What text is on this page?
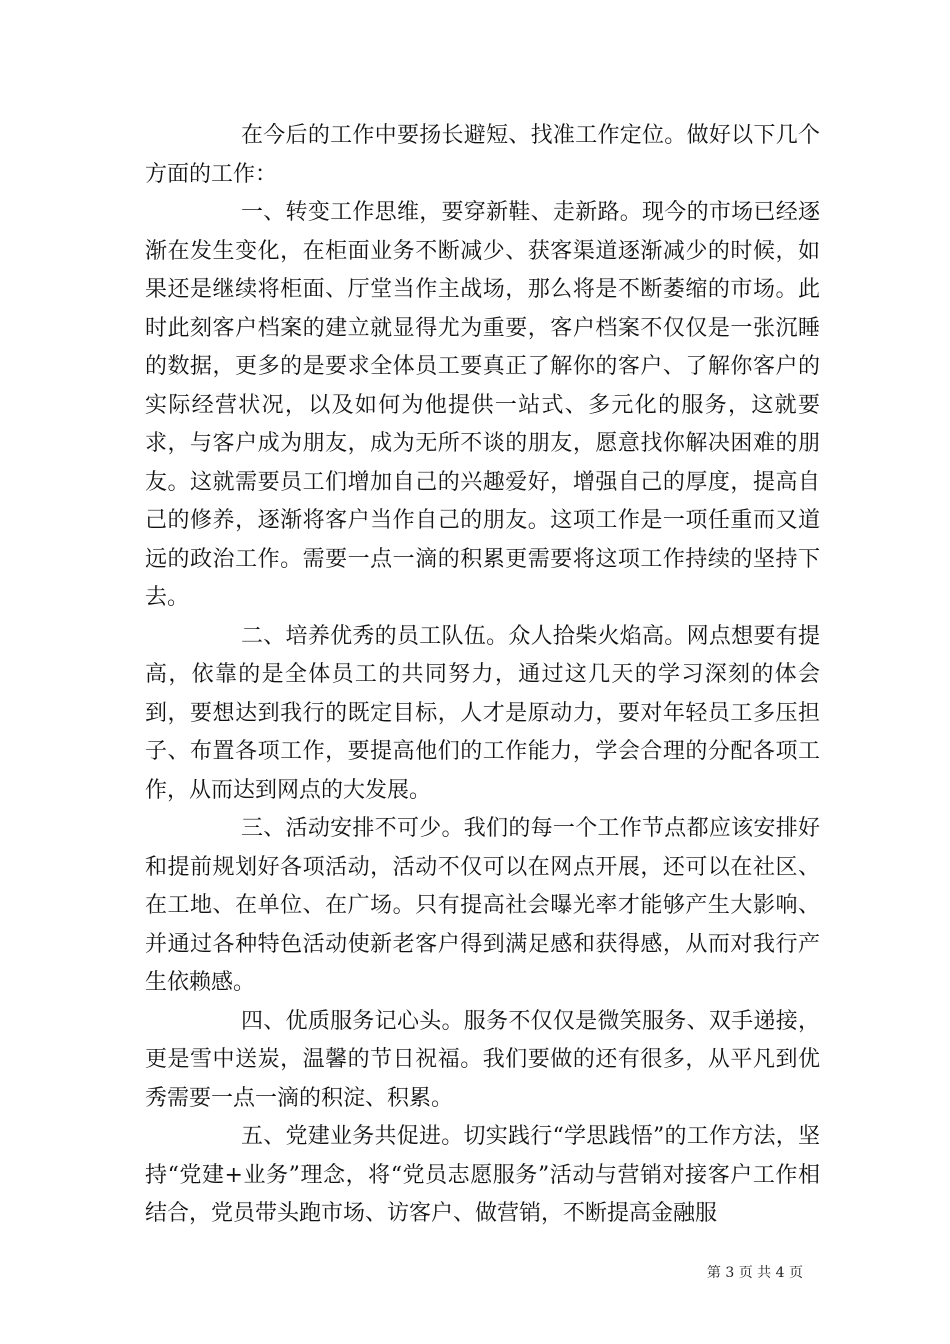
在今后的工作中要扬长避短、找准工作定位。做好以下几个方面的工作：

一、转变工作思维，要穿新鞋、走新路。现今的市场已经逐渐在发生变化，在柜面业务不断减少、获客渠道逐渐减少的时候，如果还是继续将柜面、厅堂当作主战场，那么将是不断萎缩的市场。此时此刻客户档案的建立就显得尤为重要，客户档案不仅仅是一张沉睡的数据，更多的是要求全体员工要真正了解你的客户、了解你客户的实际经营状况，以及如何为他提供一站式、多元化的服务，这就要求，与客户成为朋友，成为无所不谈的朋友，愿意找你解决困难的朋友。这就需要员工们增加自己的兴趣爱好，增强自己的厚度，提高自己的修养，逐渐将客户当作自己的朋友。这项工作是一项任重而又道远的政治工作。需要一点一滴的积累更需要将这项工作持续的坚持下去。

二、培养优秀的员工队伍。众人拾柴火焰高。网点想要有提高，依靠的是全体员工的共同努力，通过这几天的学习深刻的体会到，要想达到我行的既定目标，人才是原动力，要对年轻员工多压担子、布置各项工作，要提高他们的工作能力，学会合理的分配各项工作，从而达到网点的大发展。

三、活动安排不可少。我们的每一个工作节点都应该安排好和提前规划好各项活动，活动不仅可以在网点开展，还可以在社区、在工地、在单位、在广场。只有提高社会曝光率才能够产生大影响、并通过各种特色活动使新老客户得到满足感和获得感，从而对我行产生依赖感。

四、优质服务记心头。服务不仅仅是微笑服务、双手递接，更是雪中送炭，温馨的节日祝福。我们要做的还有很多，从平凡到优秀需要一点一滴的积淀、积累。

五、党建业务共促进。切实践行“学思践悟”的工作方法，坚持“党建+业务”理念，将“党员志愿服务”活动与营销对接客户工作相结合，党员带头跑市场、访客户、做营销，不断提高金融服

第 3 页 共 4 页
